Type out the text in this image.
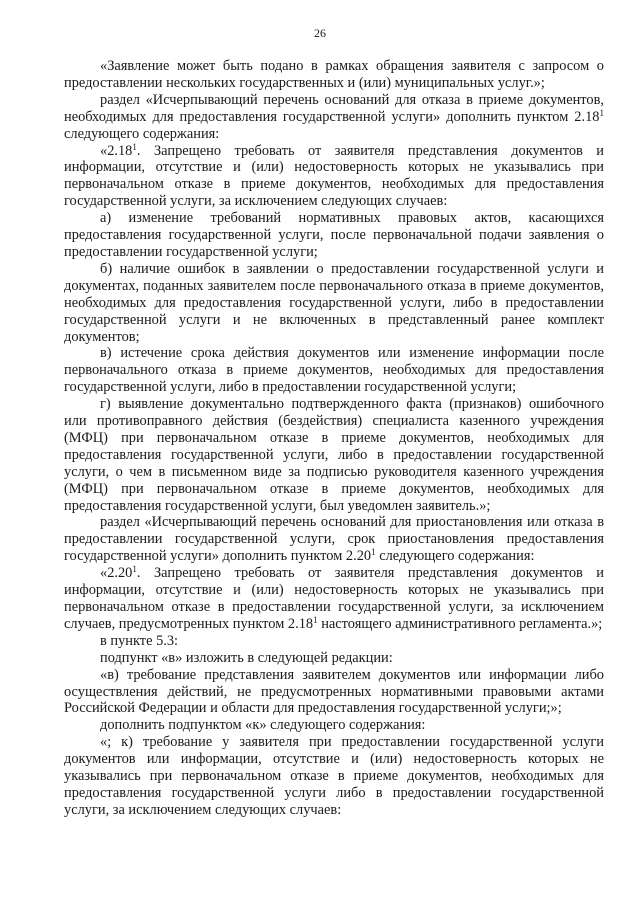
26

«Заявление может быть подано в рамках обращения заявителя с запросом о предоставлении нескольких государственных и (или) муниципальных услуг.»;

раздел «Исчерпывающий перечень оснований для отказа в приеме документов, необходимых для предоставления государственной услуги» дополнить пунктом 2.18$^1$ следующего содержания:

«2.18$^1$. Запрещено требовать от заявителя представления документов и информации, отсутствие и (или) недостоверность которых не указывались при первоначальном отказе в приеме документов, необходимых для предоставления государственной услуги, за исключением следующих случаев:

а) изменение требований нормативных правовых актов, касающихся предоставления государственной услуги, после первоначальной подачи заявления о предоставлении государственной услуги;

б) наличие ошибок в заявлении о предоставлении государственной услуги и документах, поданных заявителем после первоначального отказа в приеме документов, необходимых для предоставления государственной услуги, либо в предоставлении государственной услуги и не включенных в представленный ранее комплект документов;

в) истечение срока действия документов или изменение информации после первоначального отказа в приеме документов, необходимых для предоставления государственной услуги, либо в предоставлении государственной услуги;

г) выявление документально подтвержденного факта (признаков) ошибочного или противоправного действия (бездействия) специалиста казенного учреждения (МФЦ) при первоначальном отказе в приеме документов, необходимых для предоставления государственной услуги, либо в предоставлении государственной услуги, о чем в письменном виде за подписью руководителя казенного учреждения (МФЦ) при первоначальном отказе в приеме документов, необходимых для предоставления государственной услуги, был уведомлен заявитель.»;

раздел «Исчерпывающий перечень оснований для приостановления или отказа в предоставлении государственной услуги, срок приостановления предоставления государственной услуги» дополнить пунктом 2.20$^1$ следующего содержания:

«2.20$^1$. Запрещено требовать от заявителя представления документов и информации, отсутствие и (или) недостоверность которых не указывались при первоначальном отказе в предоставлении государственной услуги, за исключением случаев, предусмотренных пунктом 2.18$^1$ настоящего административного регламента.»;

в пункте 5.3:

подпункт «в» изложить в следующей редакции:

«в) требование представления заявителем документов или информации либо осуществления действий, не предусмотренных нормативными правовыми актами Российской Федерации и области для предоставления государственной услуги;»;

дополнить подпунктом «к» следующего содержания:

«; к) требование у заявителя при предоставлении государственной услуги документов или информации, отсутствие и (или) недостоверность которых не указывались при первоначальном отказе в приеме документов, необходимых для предоставления государственной услуги либо в предоставлении государственной услуги, за исключением следующих случаев:
